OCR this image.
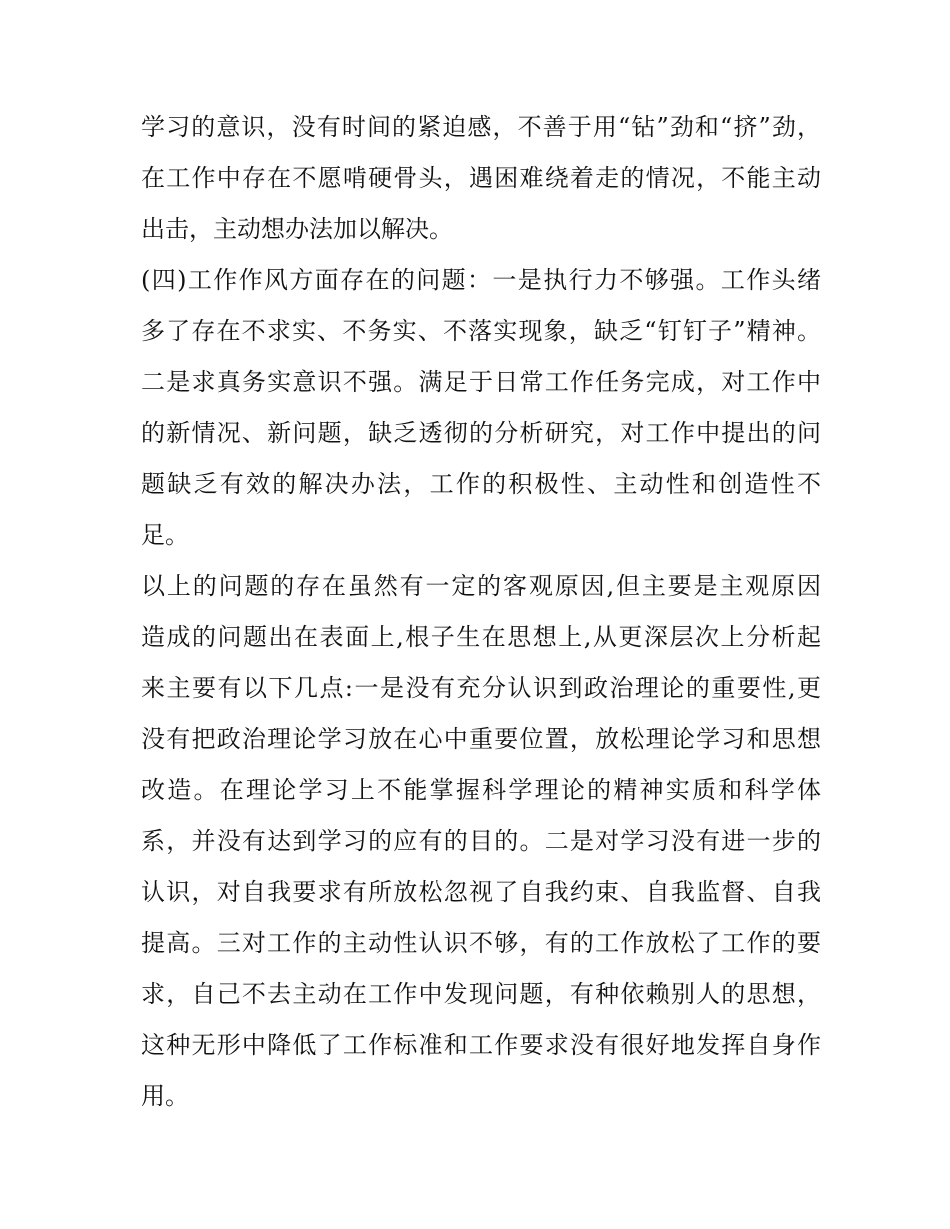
学习的意识，没有时间的紧迫感，不善于用“钻”劲和“挤”劲，
在工作中存在不愿啃硬骨头，遇困难绕着走的情况，不能主动
出击，主动想办法加以解决。
(四)工作作风方面存在的问题：一是执行力不够强。工作头绪
多了存在不求实、不务实、不落实现象，缺乏“钉钉子”精神。
二是求真务实意识不强。满足于日常工作任务完成，对工作中
的新情况、新问题，缺乏透彻的分析研究，对工作中提出的问
题缺乏有效的解决办法，工作的积极性、主动性和创造性不
足。
以上的问题的存在虽然有一定的客观原因,但主要是主观原因
造成的问题出在表面上,根子生在思想上,从更深层次上分析起
来主要有以下几点:一是没有充分认识到政治理论的重要性,更
没有把政治理论学习放在心中重要位置，放松理论学习和思想
改造。在理论学习上不能掌握科学理论的精神实质和科学体
系，并没有达到学习的应有的目的。二是对学习没有进一步的
认识，对自我要求有所放松忽视了自我约束、自我监督、自我
提高。三对工作的主动性认识不够，有的工作放松了工作的要
求，自己不去主动在工作中发现问题，有种依赖别人的思想，
这种无形中降低了工作标准和工作要求没有很好地发挥自身作
用。
